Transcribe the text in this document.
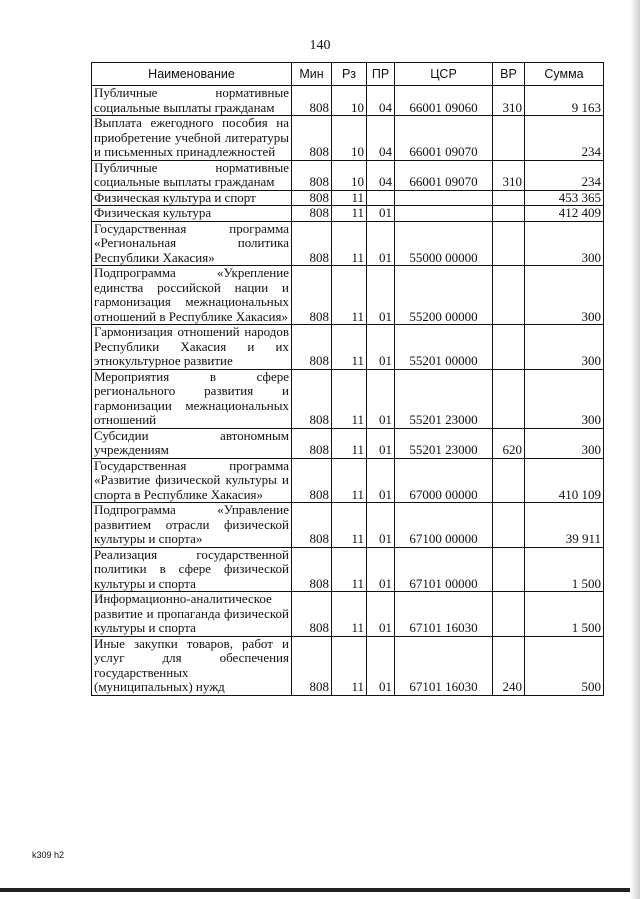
140
Наименование	Мин	Рз	ПР	ЦСР	ВР	Сумма
Публичные нормативные социальные выплаты гражданам	808	10	04	66001 09060	310	9 163
Выплата ежегодного пособия на приобретение учебной литературы и письменных принадлежностей	808	10	04	66001 09070		234
Публичные нормативные социальные выплаты гражданам	808	10	04	66001 09070	310	234
Физическая культура и спорт	808	11				453 365
Физическая культура	808	11	01			412 409
Государственная программа «Региональная политика Республики Хакасия»	808	11	01	55000 00000		300
Подпрограмма «Укрепление единства российской нации и гармонизация межнациональных отношений в Республике Хакасия»	808	11	01	55200 00000		300
Гармонизация отношений народов Республики Хакасия и их этнокультурное развитие	808	11	01	55201 00000		300
Мероприятия в сфере регионального развития и гармонизации межнациональных отношений	808	11	01	55201 23000		300
Субсидии автономным учреждениям	808	11	01	55201 23000	620	300
Государственная программа «Развитие физической культуры и спорта в Республике Хакасия»	808	11	01	67000 00000		410 109
Подпрограмма «Управление развитием отрасли физической культуры и спорта»	808	11	01	67100 00000		39 911
Реализация государственной политики в сфере физической культуры и спорта	808	11	01	67101 00000		1 500
Информационно-аналитическое развитие и пропаганда физической культуры и спорта	808	11	01	67101 16030		1 500
Иные закупки товаров, работ и услуг для обеспечения государственных (муниципальных) нужд	808	11	01	67101 16030	240	500
k309 h2
